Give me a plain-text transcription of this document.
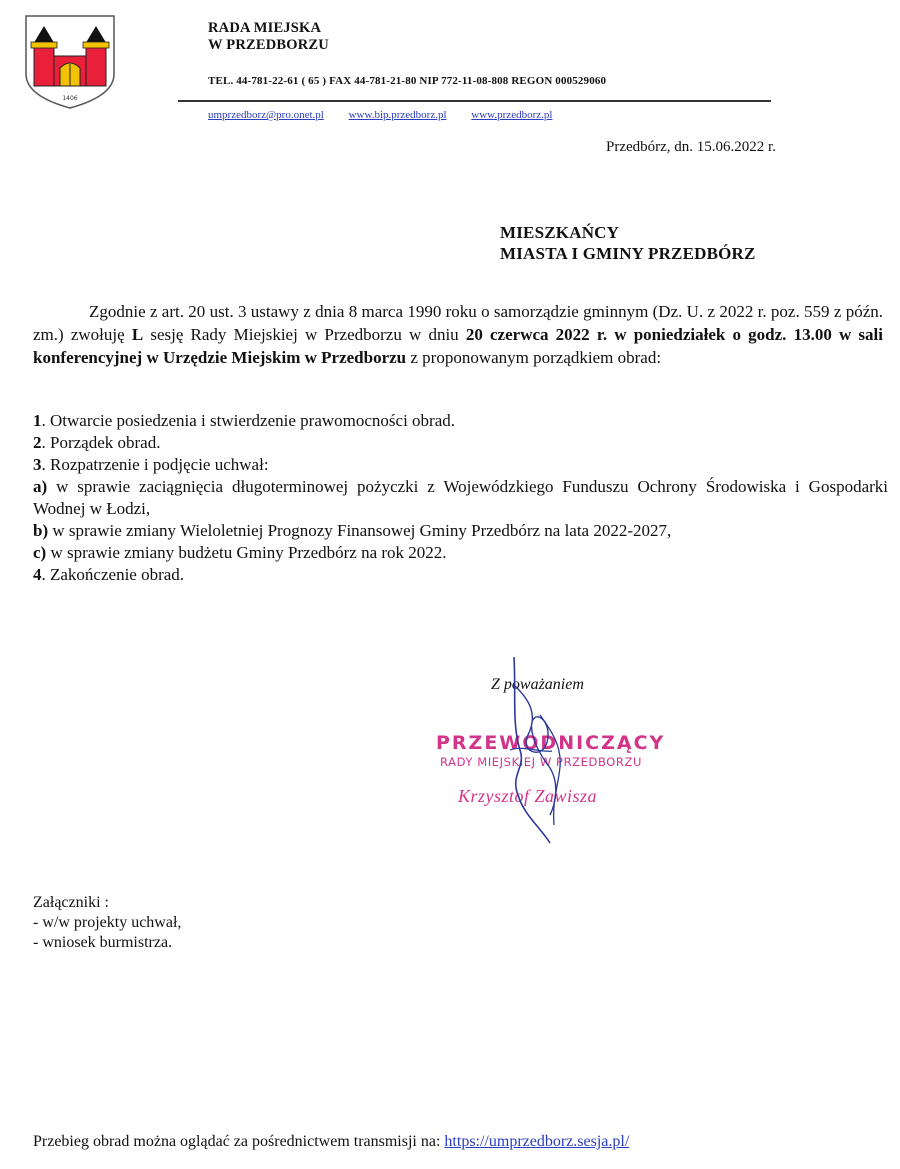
1406
RADA MIEJSKA
W PRZEDBORZU
TEL. 44-781-22-61 ( 65 ) FAX 44-781-21-80 NIP 772-11-08-808 REGON 000529060
umprzedborz@pro.onet.pl www.bip.przedborz.pl www.przedborz.pl
Przedbórz, dn. 15.06.2022 r.
MIESZKAŃCY
MIASTA I GMINY PRZEDBÓRZ

Zgodnie z art. 20 ust. 3 ustawy z dnia 8 marca 1990 roku o samorządzie gminnym (Dz. U. z 2022 r. poz. 559 z późn. zm.) zwołuję L sesję Rady Miejskiej w Przedborzu w dniu 20 czerwca 2022 r. w poniedziałek o godz. 13.00 w sali konferencyjnej w Urzędzie Miejskim w Przedborzu z proponowanym porządkiem obrad:

1. Otwarcie posiedzenia i stwierdzenie prawomocności obrad.
2. Porządek obrad.
3. Rozpatrzenie i podjęcie uchwał:
a) w sprawie zaciągnięcia długoterminowej pożyczki z Wojewódzkiego Funduszu Ochrony Środowiska i Gospodarki Wodnej w Łodzi,
b) w sprawie zmiany Wieloletniej Prognozy Finansowej Gminy Przedbórz na lata 2022-2027,
c) w sprawie zmiany budżetu Gminy Przedbórz na rok 2022.
4. Zakończenie obrad.
Z poważaniem
PRZEWODNICZĄCY
RADY MIEJSKIEJ W PRZEDBORZU
Krzysztof Zawisza
Załączniki :
- w/w projekty uchwał,
- wniosek burmistrza.
Przebieg obrad można oglądać za pośrednictwem transmisji na: https://umprzedborz.sesja.pl/
